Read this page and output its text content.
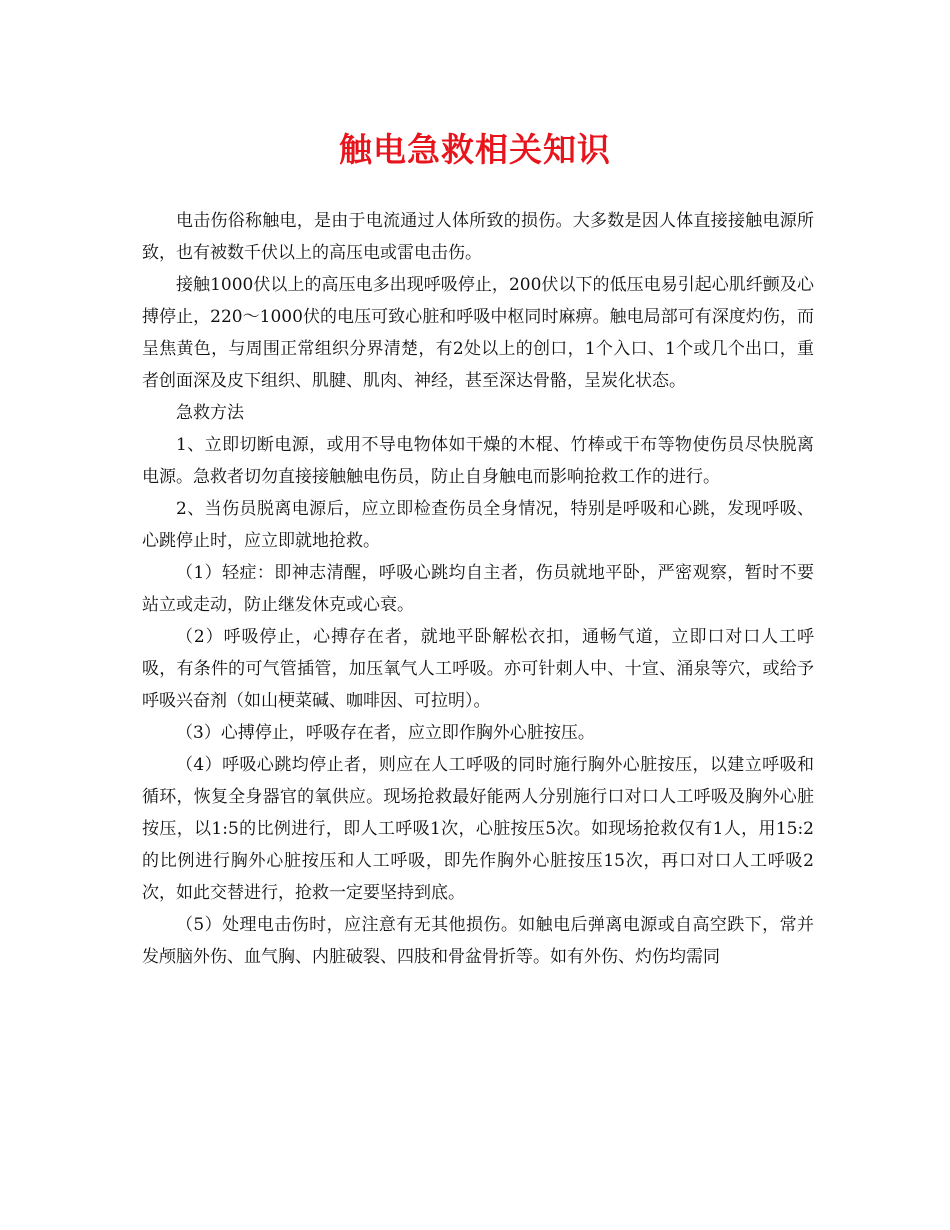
触电急救相关知识

电击伤俗称触电，是由于电流通过人体所致的损伤。大多数是因人体直接接触电源所致，也有被数千伏以上的高压电或雷电击伤。

接触1000伏以上的高压电多出现呼吸停止，200伏以下的低压电易引起心肌纤颤及心搏停止，220～1000伏的电压可致心脏和呼吸中枢同时麻痹。触电局部可有深度灼伤，而呈焦黄色，与周围正常组织分界清楚，有2处以上的创口，1个入口、1个或几个出口，重者创面深及皮下组织、肌腱、肌肉、神经，甚至深达骨骼，呈炭化状态。

急救方法

1、立即切断电源，或用不导电物体如干燥的木棍、竹棒或干布等物使伤员尽快脱离电源。急救者切勿直接接触触电伤员，防止自身触电而影响抢救工作的进行。

2、当伤员脱离电源后，应立即检查伤员全身情况，特别是呼吸和心跳，发现呼吸、心跳停止时，应立即就地抢救。

（1）轻症：即神志清醒，呼吸心跳均自主者，伤员就地平卧，严密观察，暂时不要站立或走动，防止继发休克或心衰。

（2）呼吸停止，心搏存在者，就地平卧解松衣扣，通畅气道，立即口对口人工呼吸，有条件的可气管插管，加压氧气人工呼吸。亦可针刺人中、十宣、涌泉等穴，或给予呼吸兴奋剂（如山梗菜碱、咖啡因、可拉明）。

（3）心搏停止，呼吸存在者，应立即作胸外心脏按压。

（4）呼吸心跳均停止者，则应在人工呼吸的同时施行胸外心脏按压，以建立呼吸和循环，恢复全身器官的氧供应。现场抢救最好能两人分别施行口对口人工呼吸及胸外心脏按压，以1:5的比例进行，即人工呼吸1次，心脏按压5次。如现场抢救仅有1人，用15:2的比例进行胸外心脏按压和人工呼吸，即先作胸外心脏按压15次，再口对口人工呼吸2次，如此交替进行，抢救一定要坚持到底。

（5）处理电击伤时，应注意有无其他损伤。如触电后弹离电源或自高空跌下，常并发颅脑外伤、血气胸、内脏破裂、四肢和骨盆骨折等。如有外伤、灼伤均需同
